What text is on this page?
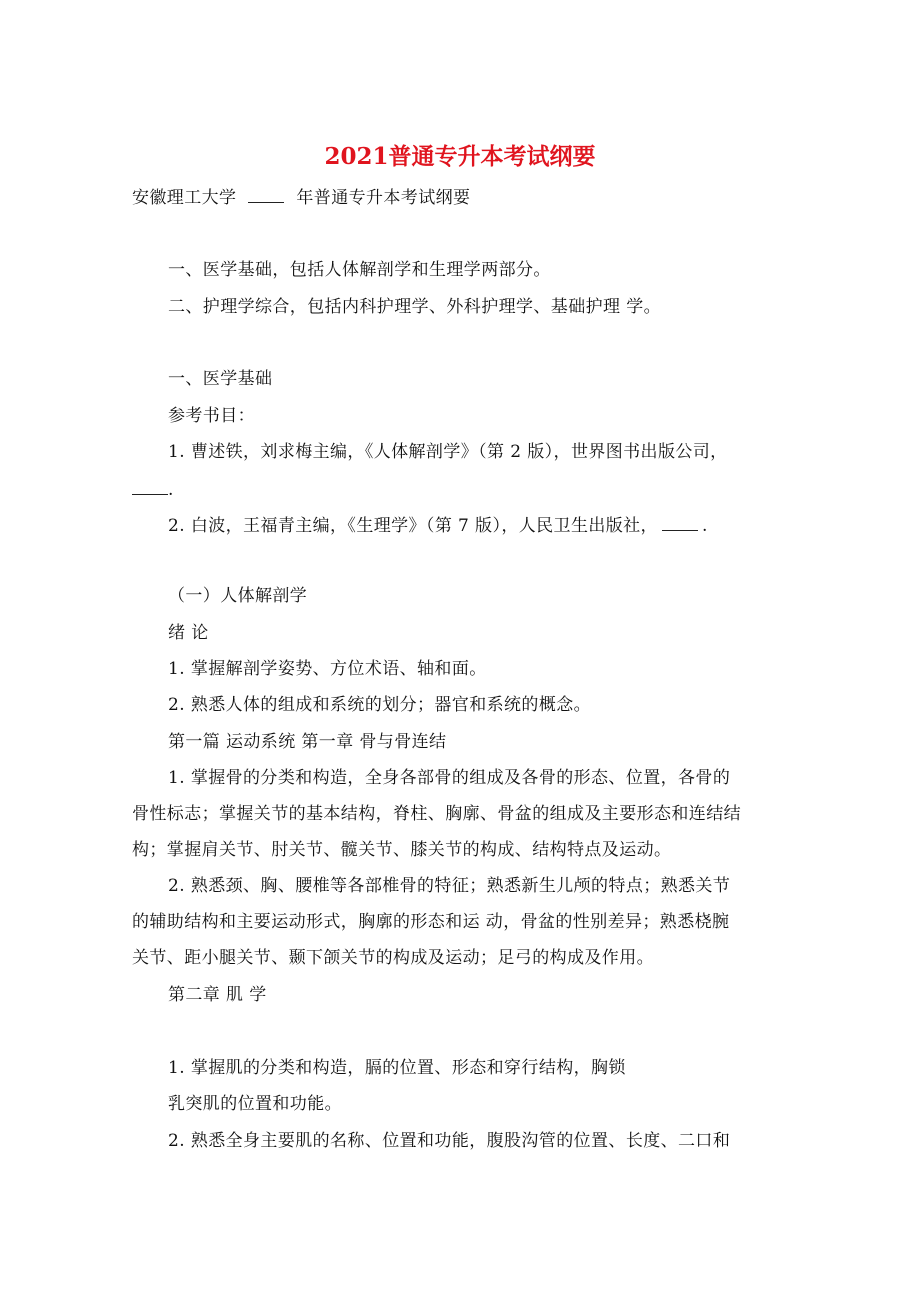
2021普通专升本考试纲要
安徽理工大学	年普通专升本考试纲要
一、医学基础，包括人体解剖学和生理学两部分。
二、护理学综合，包括内科护理学、外科护理学、基础护理 学。
一、医学基础
参考书目：
1. 曹述铁，刘求梅主编，《人体解剖学》（第 2 版），世界图书出版公司，
.
2. 白波，王福青主编，《生理学》（第 7 版），人民卫生出版社，	.
（一）人体解剖学
绪 论
1. 掌握解剖学姿势、方位术语、轴和面。
2. 熟悉人体的组成和系统的划分；器官和系统的概念。
第一篇 运动系统 第一章 骨与骨连结
1. 掌握骨的分类和构造，全身各部骨的组成及各骨的形态、位置，各骨的
骨性标志；掌握关节的基本结构，脊柱、胸廓、骨盆的组成及主要形态和连结结
构；掌握肩关节、肘关节、髋关节、膝关节的构成、结构特点及运动。
2. 熟悉颈、胸、腰椎等各部椎骨的特征；熟悉新生儿颅的特点；熟悉关节
的辅助结构和主要运动形式，胸廓的形态和运 动，骨盆的性别差异；熟悉桡腕
关节、距小腿关节、颞下颌关节的构成及运动；足弓的构成及作用。
第二章 肌 学
1. 掌握肌的分类和构造，膈的位置、形态和穿行结构，胸锁
乳突肌的位置和功能。
2. 熟悉全身主要肌的名称、位置和功能，腹股沟管的位置、长度、二口和
